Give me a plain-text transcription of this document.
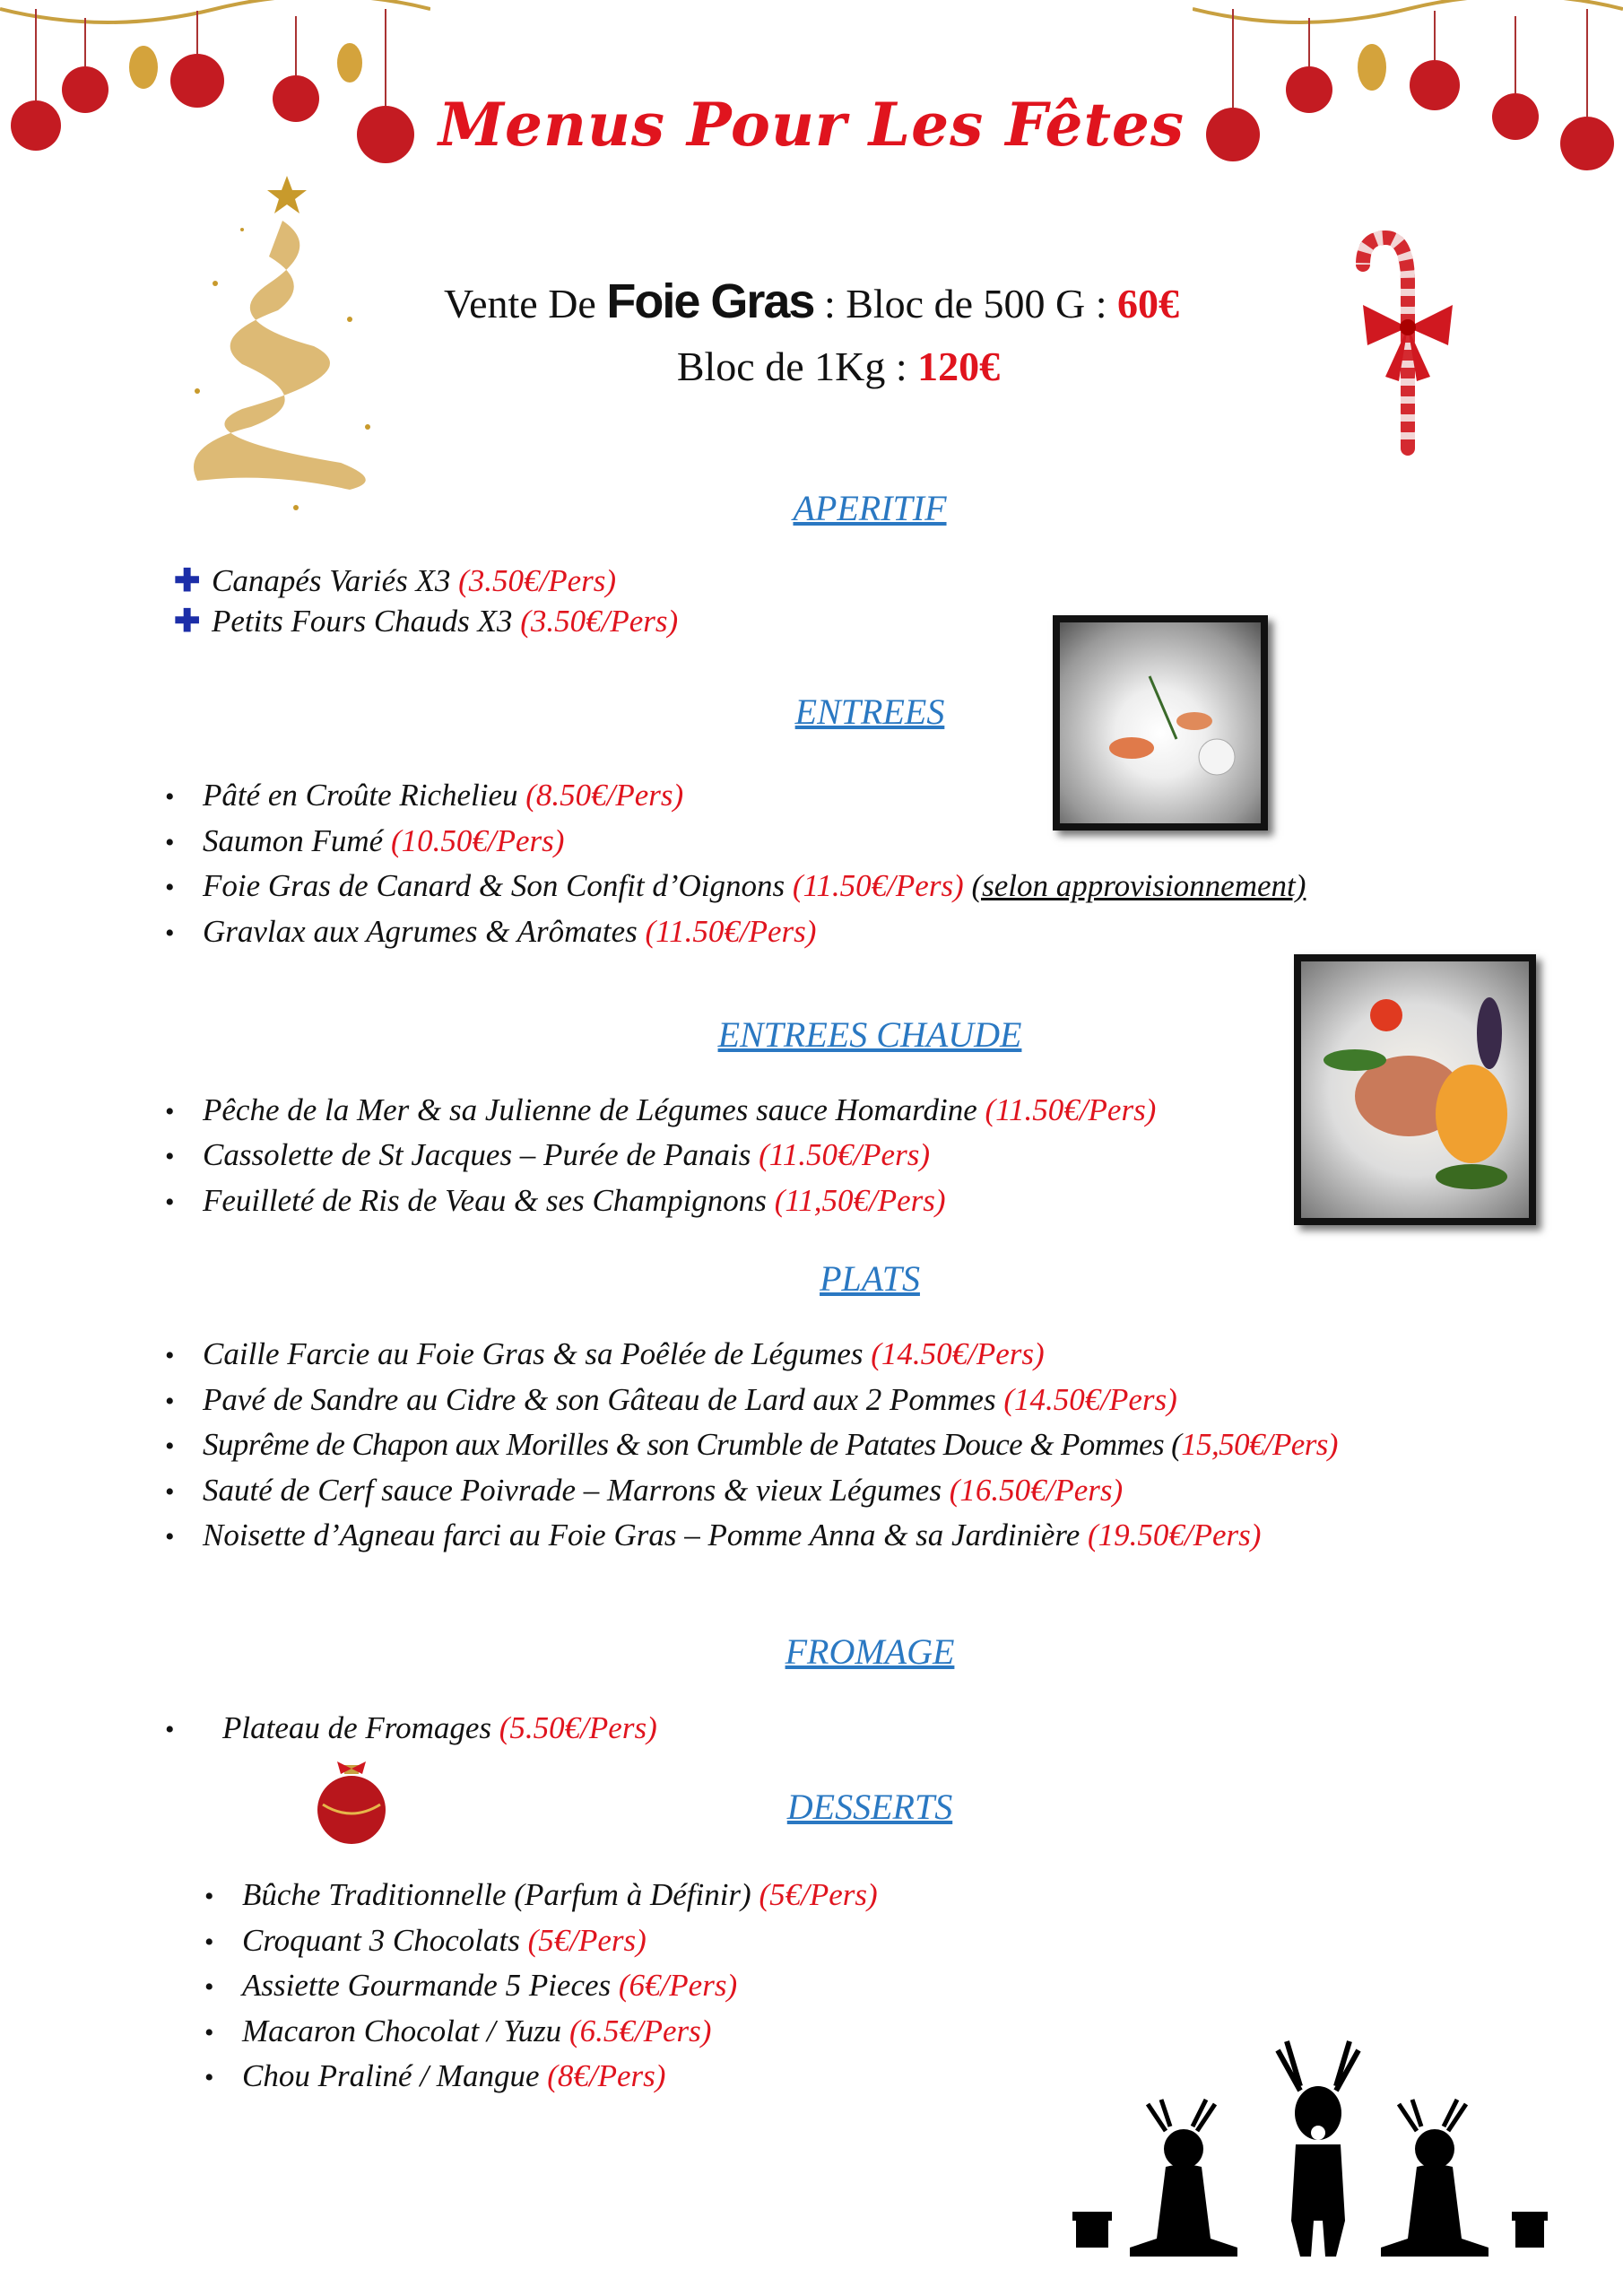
Menus Pour Les Fêtes
Vente De Foie Gras : Bloc de 500 G : 60€
Bloc de 1Kg : 120€
APERITIF
✚ Canapés Variés X3 (3.50€/Pers)
✚ Petits Fours Chauds X3 (3.50€/Pers)
ENTREES
• Pâté en Croûte Richelieu (8.50€/Pers)
• Saumon Fumé (10.50€/Pers)
• Foie Gras de Canard & Son Confit d’Oignons (11.50€/Pers) (selon approvisionnement)
• Gravlax aux Agrumes & Arômates (11.50€/Pers)
ENTREES CHAUDE
• Pêche de la Mer & sa Julienne de Légumes sauce Homardine (11.50€/Pers)
• Cassolette de St Jacques – Purée de Panais (11.50€/Pers)
• Feuilleté de Ris de Veau & ses Champignons (11,50€/Pers)
PLATS
• Caille Farcie au Foie Gras & sa Poêlée de Légumes (14.50€/Pers)
• Pavé de Sandre au Cidre & son Gâteau de Lard aux 2 Pommes (14.50€/Pers)
• Suprême de Chapon aux Morilles & son Crumble de Patates Douce & Pommes (15,50€/Pers)
• Sauté de Cerf sauce Poivrade – Marrons & vieux Légumes (16.50€/Pers)
• Noisette d’Agneau farci au Foie Gras – Pomme Anna & sa Jardinière (19.50€/Pers)
FROMAGE
• Plateau de Fromages (5.50€/Pers)
DESSERTS
• Bûche Traditionnelle (Parfum à Définir) (5€/Pers)
• Croquant 3 Chocolats (5€/Pers)
• Assiette Gourmande 5 Pieces (6€/Pers)
• Macaron Chocolat / Yuzu (6.5€/Pers)
• Chou Praliné / Mangue (8€/Pers)
